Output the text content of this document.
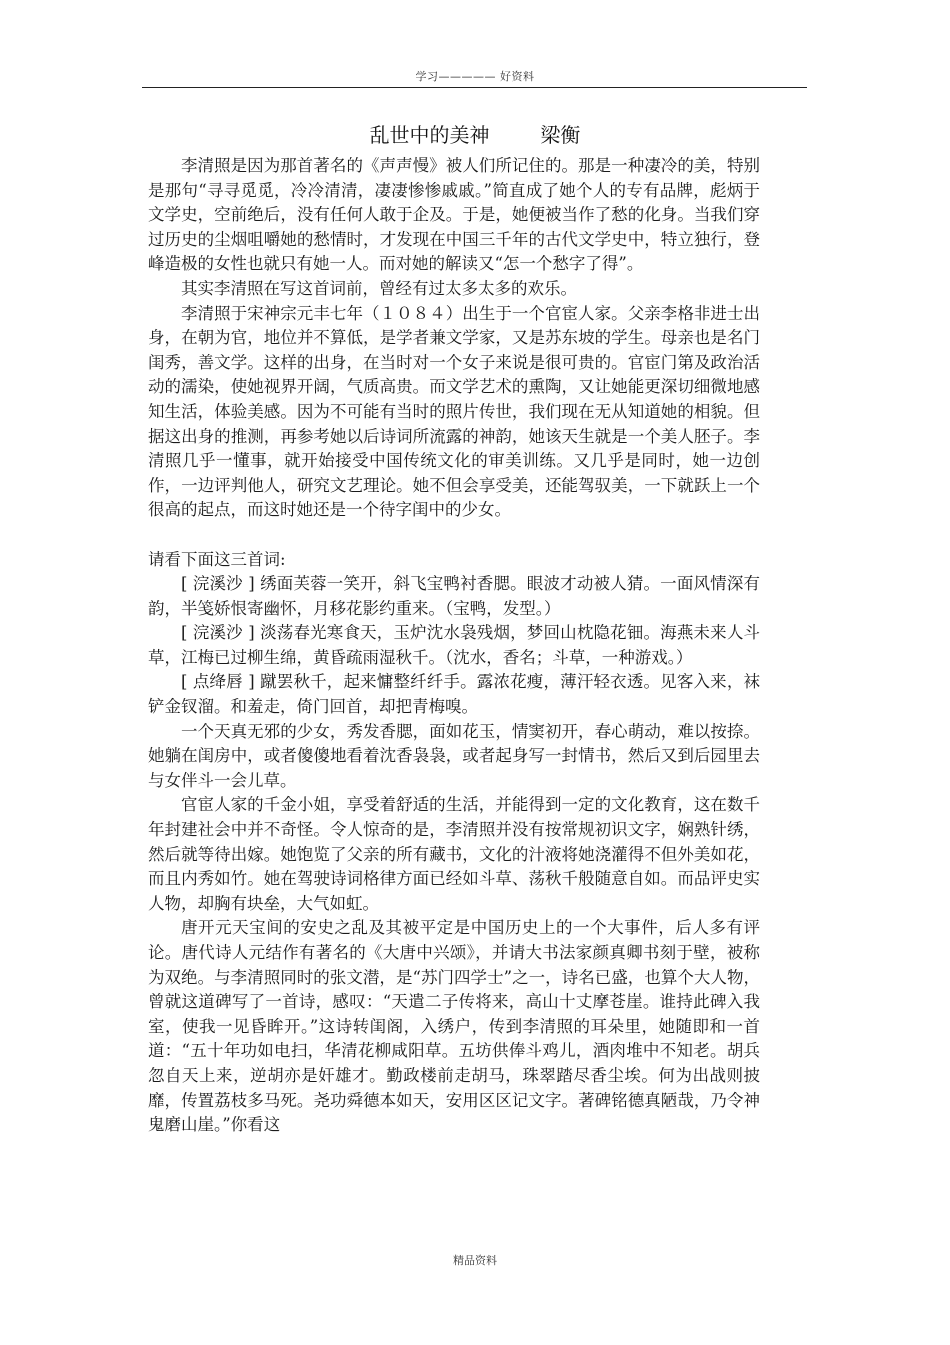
学习————— 好资料
乱世中的美神        梁衡

李清照是因为那首著名的《声声慢》被人们所记住的。那是一种凄冷的美，特别是那句“寻寻觅觅，冷冷清清，凄凄惨惨戚戚。”简直成了她个人的专有品牌，彪炳于文学史，空前绝后，没有任何人敢于企及。于是，她便被当作了愁的化身。当我们穿过历史的尘烟咀嚼她的愁情时，才发现在中国三千年的古代文学史中，特立独行，登峰造极的女性也就只有她一人。而对她的解读又“怎一个愁字了得”。

其实李清照在写这首词前，曾经有过太多太多的欢乐。

李清照于宋神宗元丰七年（１０８４）出生于一个官宦人家。父亲李格非进士出身，在朝为官，地位并不算低，是学者兼文学家，又是苏东坡的学生。母亲也是名门闺秀，善文学。这样的出身，在当时对一个女子来说是很可贵的。官宦门第及政治活动的濡染，使她视界开阔，气质高贵。而文学艺术的熏陶，又让她能更深切细微地感知生活，体验美感。因为不可能有当时的照片传世，我们现在无从知道她的相貌。但据这出身的推测，再参考她以后诗词所流露的神韵，她该天生就是一个美人胚子。李清照几乎一懂事，就开始接受中国传统文化的审美训练。又几乎是同时，她一边创作，一边评判他人，研究文艺理论。她不但会享受美，还能驾驭美，一下就跃上一个很高的起点，而这时她还是一个待字闺中的少女。

请看下面这三首词:

[ 浣溪沙 ] 绣面芙蓉一笑开，斜飞宝鸭衬香腮。眼波才动被人猜。一面风情深有韵，半笺娇恨寄幽怀，月移花影约重来。（宝鸭，发型。）

[ 浣溪沙 ] 淡荡春光寒食天，玉炉沈水袅残烟，梦回山枕隐花钿。海燕未来人斗草，江梅已过柳生绵，黄昏疏雨湿秋千。（沈水，香名；斗草，一种游戏。）

[ 点绛唇 ] 蹴罢秋千，起来慵整纤纤手。露浓花瘦，薄汗轻衣透。见客入来，袜铲金钗溜。和羞走，倚门回首，却把青梅嗅。

一个天真无邪的少女，秀发香腮，面如花玉，情窦初开，春心萌动，难以按捺。她躺在闺房中，或者傻傻地看着沈香袅袅，或者起身写一封情书，然后又到后园里去与女伴斗一会儿草。

官宦人家的千金小姐，享受着舒适的生活，并能得到一定的文化教育，这在数千年封建社会中并不奇怪。令人惊奇的是，李清照并没有按常规初识文字，娴熟针绣，然后就等待出嫁。她饱览了父亲的所有藏书，文化的汁液将她浇灌得不但外美如花，而且内秀如竹。她在驾驶诗词格律方面已经如斗草、荡秋千般随意自如。而品评史实人物，却胸有块垒，大气如虹。

唐开元天宝间的安史之乱及其被平定是中国历史上的一个大事件，后人多有评论。唐代诗人元结作有著名的《大唐中兴颂》，并请大书法家颜真卿书刻于壁，被称为双绝。与李清照同时的张文潜，是“苏门四学士”之一，诗名已盛，也算个大人物，曾就这道碑写了一首诗，感叹：“天遣二子传将来，高山十丈摩苍崖。谁持此碑入我室，使我一见昏眸开。”这诗转闺阁，入绣户，传到李清照的耳朵里，她随即和一首道：“五十年功如电扫，华清花柳咸阳草。五坊供俸斗鸡儿，酒肉堆中不知老。胡兵忽自天上来，逆胡亦是奸雄才。勤政楼前走胡马，珠翠踏尽香尘埃。何为出战则披靡，传置荔枝多马死。尧功舜德本如天，安用区区记文字。著碑铭德真陋哉，乃令神鬼磨山崖。”你看这

精品资料
